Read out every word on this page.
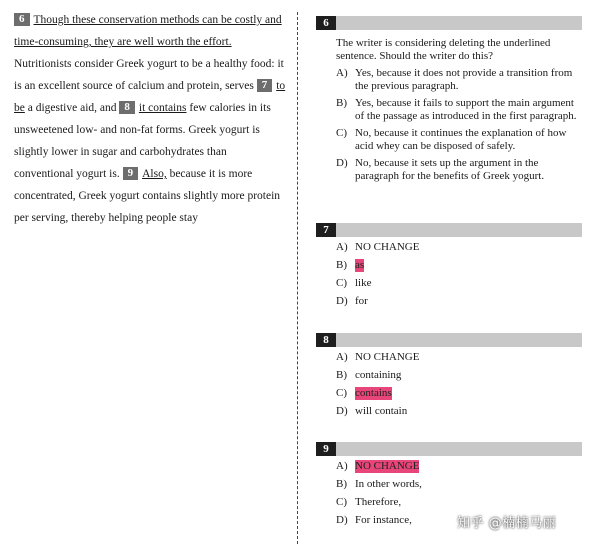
6 Though these conservation methods can be costly and time-consuming, they are well worth the effort. Nutritionists consider Greek yogurt to be a healthy food: it is an excellent source of calcium and protein, serves 7 to be a digestive aid, and 8 it contains few calories in its unsweetened low- and non-fat forms. Greek yogurt is slightly lower in sugar and carbohydrates than conventional yogurt is. 9 Also, because it is more concentrated, Greek yogurt contains slightly more protein per serving, thereby helping people stay
6
The writer is considering deleting the underlined sentence. Should the writer do this?
A) Yes, because it does not provide a transition from the previous paragraph.
B) Yes, because it fails to support the main argument of the passage as introduced in the first paragraph.
C) No, because it continues the explanation of how acid whey can be disposed of safely.
D) No, because it sets up the argument in the paragraph for the benefits of Greek yogurt.
7
A) NO CHANGE
B) as
C) like
D) for
8
A) NO CHANGE
B) containing
C) contains
D) will contain
9
A) NO CHANGE
B) In other words,
C) Therefore,
D) For instance,	知乎 @楠楠马丽
